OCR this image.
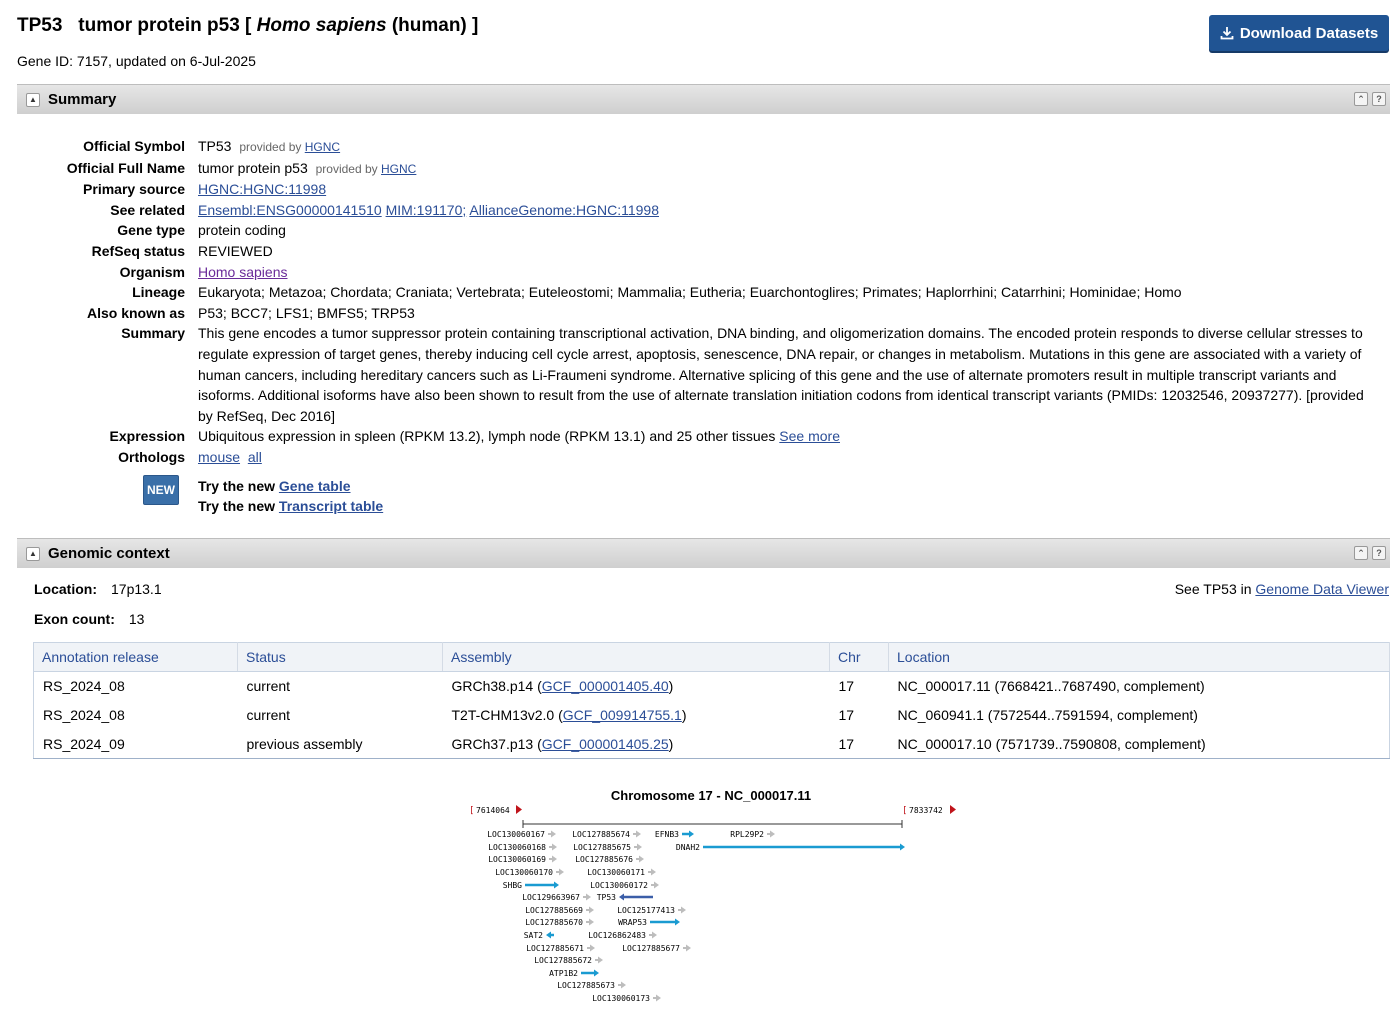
TP53 tumor protein p53 [ Homo sapiens (human) ]
Gene ID: 7157, updated on 6-Jul-2025
Download Datasets
▲ Summary	⌃	?
Official Symbol TP53 provided by HGNC
Official Full Name tumor protein p53 provided by HGNC
Primary source HGNC:HGNC:11998
See related Ensembl:ENSG00000141510 MIM:191170; AllianceGenome:HGNC:11998
Gene type protein coding
RefSeq status REVIEWED
Organism Homo sapiens
Lineage Eukaryota; Metazoa; Chordata; Craniata; Vertebrata; Euteleostomi; Mammalia; Eutheria; Euarchontoglires; Primates; Haplorrhini; Catarrhini; Hominidae; Homo
Also known as P53; BCC7; LFS1; BMFS5; TRP53
Summary This gene encodes a tumor suppressor protein containing transcriptional activation, DNA binding, and oligomerization domains. The encoded protein responds to diverse cellular stresses to regulate expression of target genes, thereby inducing cell cycle arrest, apoptosis, senescence, DNA repair, or changes in metabolism. Mutations in this gene are associated with a variety of human cancers, including hereditary cancers such as Li-Fraumeni syndrome. Alternative splicing of this gene and the use of alternate promoters result in multiple transcript variants and isoforms. Additional isoforms have also been shown to result from the use of alternate translation initiation codons from identical transcript variants (PMIDs: 12032546, 20937277). [provided by RefSeq, Dec 2016]
Expression Ubiquitous expression in spleen (RPKM 13.2), lymph node (RPKM 13.1) and 25 other tissues See more
Orthologs mouse all
NEW Try the new Gene table
Try the new Transcript table
▲ Genomic context	⌃	?
Location: 17p13.1
Exon count: 13
See TP53 in Genome Data Viewer
Annotation release	Status	Assembly	Chr	Location
RS_2024_08	current	GRCh38.p14 (GCF_000001405.40)	17	NC_000017.11 (7668421..7687490, complement)
RS_2024_08	current	T2T-CHM13v2.0 (GCF_009914755.1)	17	NC_060941.1 (7572544..7591594, complement)
RS_2024_09	previous assembly	GRCh37.p13 (GCF_000001405.25)	17	NC_000017.10 (7571739..7590808, complement)
Chromosome 17 - NC_000017.11
[ 7614064	[ 7833742
LOC130060167	LOC127885674	EFNB3	RPL29P2
LOC130060168	LOC127885675	DNAH2
LOC130060169	LOC127885676
LOC130060170	LOC130060171
SHBG	LOC130060172
LOC129663967 TP53
LOC127885669	LOC125177413
LOC127885670	WRAP53
SAT2	LOC126862483
LOC127885671	LOC127885677
LOC127885672
ATP1B2
LOC127885673
LOC130060173
